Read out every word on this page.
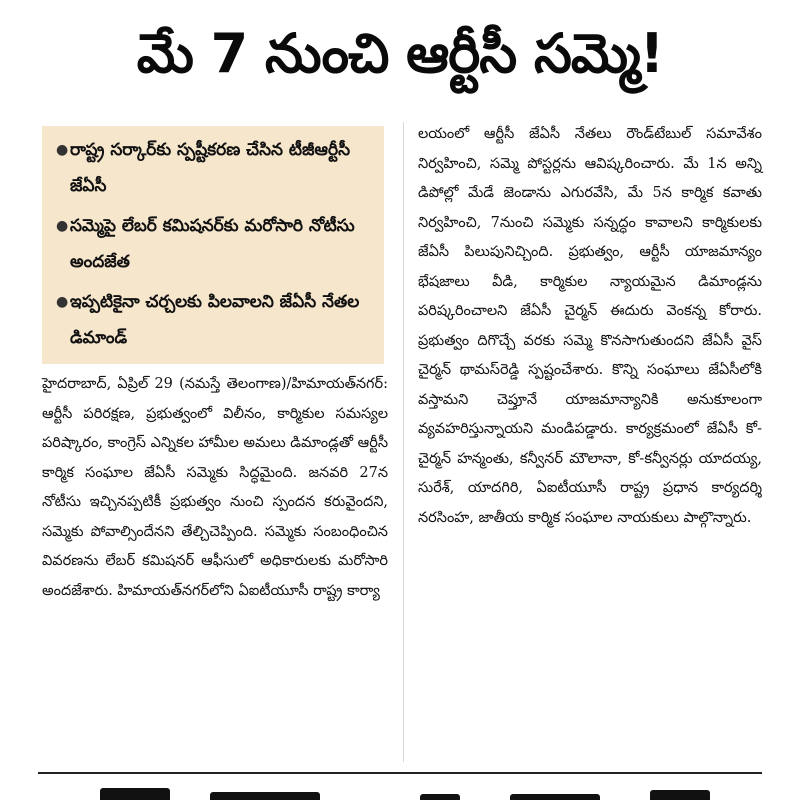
మే 7 నుంచి ఆర్టీసీ సమ్మె!
● రాష్ట్ర సర్కార్‌కు స్పష్టీకరణ చేసిన టీజీఆర్టీసీ జేఏసీ
● సమ్మెపై లేబర్ కమిషనర్‌కు మరోసారి నోటీసు అందజేత
● ఇప్పటికైనా చర్చలకు పిలవాలని జేఏసీ నేతల డిమాండ్

హైదరాబాద్, ఏప్రిల్ 29 (నమస్తే తెలంగాణ)/హిమాయత్‌నగర్: ఆర్టీసీ పరిరక్షణ, ప్రభుత్వంలో విలీనం, కార్మికుల సమస్యల పరిష్కారం, కాంగ్రెస్ ఎన్నికల హామీల అమలు డిమాండ్లతో ఆర్టీసీ కార్మిక సంఘాల జేఏసీ సమ్మెకు సిద్ధమైంది. జనవరి 27న నోటీసు ఇచ్చినప్పటికీ ప్రభుత్వం నుంచి స్పందన కరువైందని, సమ్మెకు పోవాల్సిందేనని తేల్చిచెప్పింది. సమ్మెకు సంబంధించిన వివరణను లేబర్ కమిషనర్ ఆఫీసులో అధికారులకు మరోసారి అందజేశారు. హిమాయత్‌నగర్‌లోని ఏఐటీయూసీ రాష్ట్ర కార్యా

లయంలో ఆర్టీసీ జేఏసీ నేతలు రౌండ్‌టేబుల్ సమావేశం నిర్వహించి, సమ్మె పోస్టర్లను ఆవిష్కరించారు. మే 1న అన్ని డిపోల్లో మేడే జెండాను ఎగురవేసి, మే 5న కార్మిక కవాతు నిర్వహించి, 7నుంచి సమ్మెకు సన్నద్ధం కావాలని కార్మికులకు జేఏసీ పిలుపునిచ్చింది. ప్రభుత్వం, ఆర్టీసీ యాజమాన్యం భేషజాలు వీడి, కార్మికుల న్యాయమైన డిమాండ్లను పరిష్కరించాలని జేఏసీ చైర్మన్ ఈదురు వెంకన్న కోరారు. ప్రభుత్వం దిగొచ్చే వరకు సమ్మె కొనసాగుతుందని జేఏసీ వైస్ చైర్మన్ థామస్‌రెడ్డి స్పష్టంచేశారు. కొన్ని సంఘాలు జేఏసీలోకి వస్తామని చెప్తూనే యాజమాన్యానికి అనుకూలంగా వ్యవహరిస్తున్నాయని మండిపడ్డారు. కార్యక్రమంలో జేఏసీ కో-చైర్మన్ హన్మంతు, కన్వీనర్ మౌలానా, కో-కన్వీనర్లు యాదయ్య, సురేశ్, యాదగిరి, ఏఐటీయూసీ రాష్ట్ర ప్రధాన కార్యదర్శి నరసింహ, జాతీయ కార్మిక సంఘాల నాయకులు పాల్గొన్నారు.
